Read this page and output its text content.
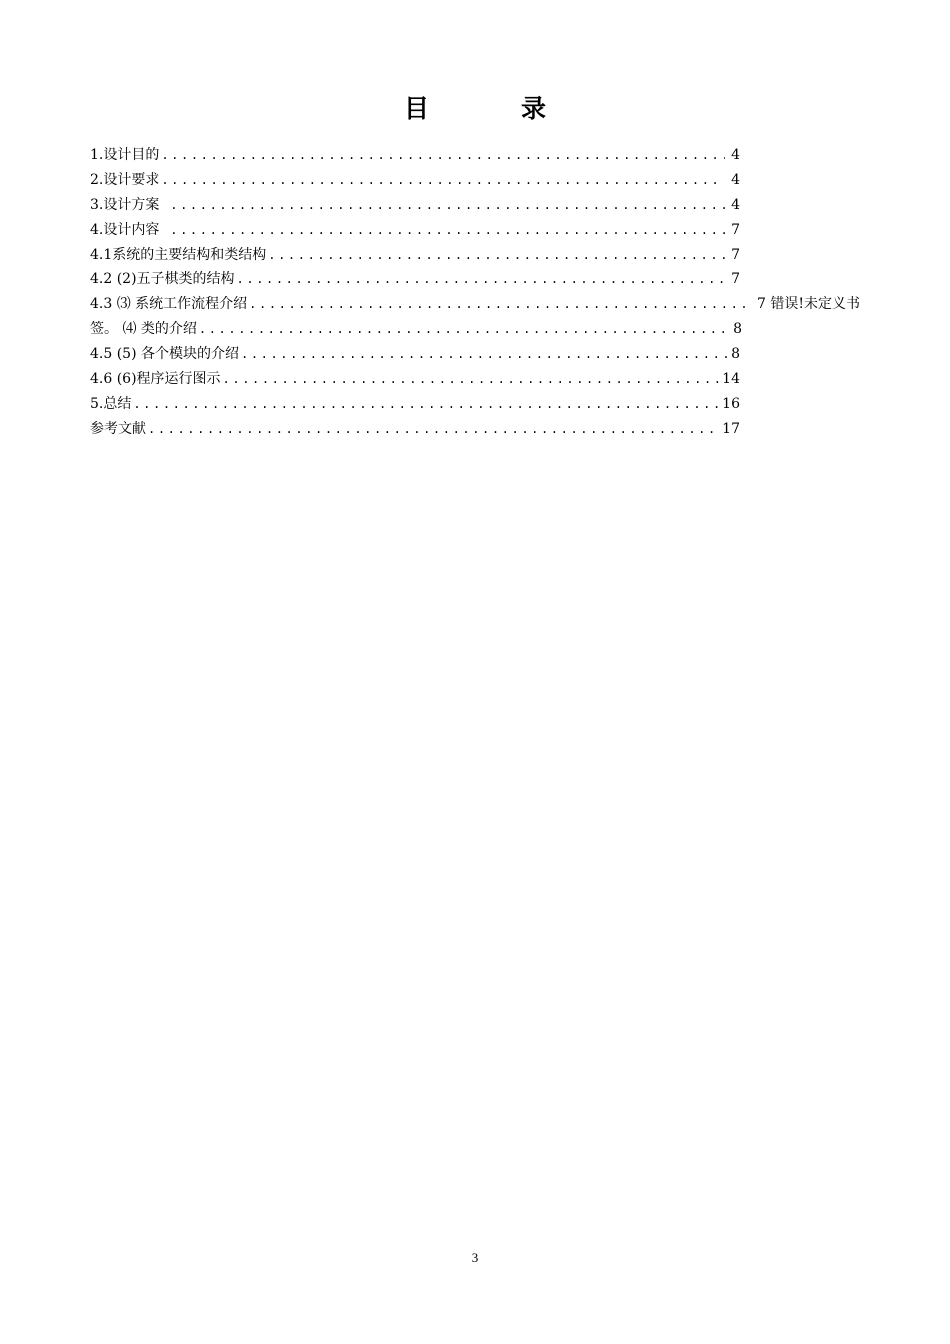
目	录
1.设计目的 .....	4
2.设计要求 .....	4
3.设计方案 .....	4
4.设计内容 .....	7
4.1系统的主要结构和类结构 .....	7
4.2 (2)五子棋类的结构 .....	7
4.3 ⑶ 系统工作流程介绍 .....	7 错误!未定义书
签。 ⑷ 类的介绍 .....	8
4.5 (5) 各个模块的介绍 .....	8
4.6 (6)程序运行图示 .....	14
5.总结 .....	16
参考文献 .....	17
3
